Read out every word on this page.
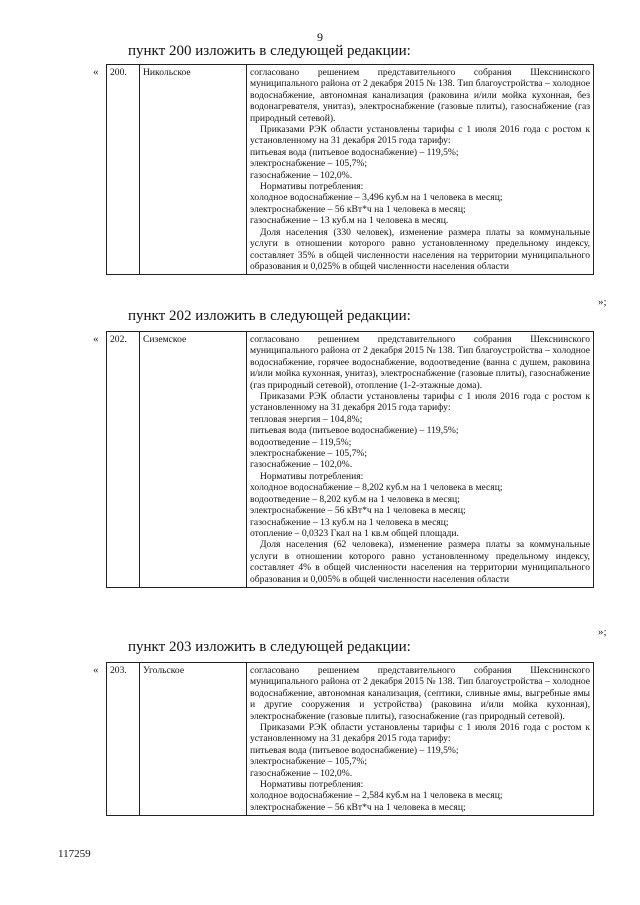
9
пункт 200 изложить в следующей редакции:
« 200.	Никольское	согласовано решением представительного собрания Шекснинского муниципального района от 2 декабря 2015 № 138. Тип благоустройства – холодное водоснабжение, автономная канализация (раковина и/или мойка кухонная, без водонагревателя, унитаз), электроснабжение (газовые плиты), газоснабжение (газ природный сетевой).

Приказами РЭК области установлены тарифы с 1 июля 2016 года с ростом к установленному на 31 декабря 2015 года тарифу:

питьевая вода (питьевое водоснабжение) – 119,5%;

электроснабжение – 105,7%;

газоснабжение – 102,0%.

Нормативы потребления:

холодное водоснабжение – 3,496 куб.м на 1 человека в месяц;

электроснабжение – 56 кВт*ч на 1 человека в месяц;

газоснабжение – 13 куб.м на 1 человека в месяц.

Доля населения (330 человек), изменение размера платы за коммунальные услуги в отношении которого равно установленному предельному индексу, составляет 35% в общей численности населения на территории муниципального образования и 0,025% в общей численности населения области

»;
пункт 202 изложить в следующей редакции:
« 202.	Сиземское	согласовано решением представительного собрания Шекснинского муниципального района от 2 декабря 2015 № 138. Тип благоустройства – холодное водоснабжение, горячее водоснабжение, водоотведение (ванна с душем, раковина и/или мойка кухонная, унитаз), электроснабжение (газовые плиты), газоснабжение (газ природный сетевой), отопление (1-2-этажные дома).

Приказами РЭК области установлены тарифы с 1 июля 2016 года с ростом к установленному на 31 декабря 2015 года тарифу:

тепловая энергия – 104,8%;

питьевая вода (питьевое водоснабжение) – 119,5%;

водоотведение – 119,5%;

электроснабжение – 105,7%;

газоснабжение – 102,0%.

Нормативы потребления:

холодное водоснабжение – 8,202 куб.м на 1 человека в месяц;

водоотведение – 8,202 куб.м на 1 человека в месяц;

электроснабжение – 56 кВт*ч на 1 человека в месяц;

газоснабжение – 13 куб.м на 1 человека в месяц;

отопление – 0,0323 Гкал на 1 кв.м общей площади.

Доля населения (62 человека), изменение размера платы за коммунальные услуги в отношении которого равно установленному предельному индексу, составляет 4% в общей численности населения на территории муниципального образования и 0,005% в общей численности населения области

»;
пункт 203 изложить в следующей редакции:
« 203.	Угольское	согласовано решением представительного собрания Шекснинского муниципального района от 2 декабря 2015 № 138. Тип благоустройства – холодное водоснабжение, автономная канализация, (септики, сливные ямы, выгребные ямы и другие сооружения и устройства) (раковина и/или мойка кухонная), электроснабжение (газовые плиты), газоснабжение (газ природный сетевой).

Приказами РЭК области установлены тарифы с 1 июля 2016 года с ростом к установленному на 31 декабря 2015 года тарифу:

питьевая вода (питьевое водоснабжение) – 119,5%;

электроснабжение – 105,7%;

газоснабжение – 102,0%.

Нормативы потребления:

холодное водоснабжение – 2,584 куб.м на 1 человека в месяц;

электроснабжение – 56 кВт*ч на 1 человека в месяц;

117259
